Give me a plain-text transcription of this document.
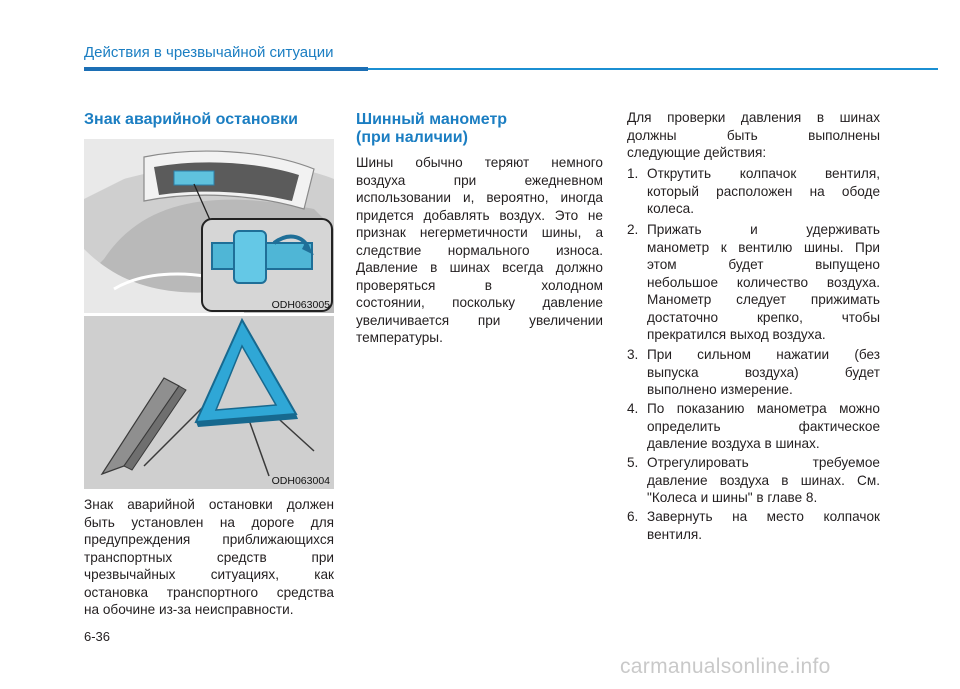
Действия в чрезвычайной ситуации
Знак аварийной остановки
ODH063005
ODH063004
Знак аварийной остановки должен
быть установлен на дороге для
предупреждения приближающихся
транспортных средств при
чрезвычайных ситуациях, как
остановка транспортного средства
на обочине из-за неисправности.
Шинный манометр
(при наличии)
Шины обычно теряют немного
воздуха при ежедневном
использовании и, вероятно, иногда
придется добавлять воздух. Это не
признак негерметичности шины, а
следствие нормального износа.
Давление в шинах всегда должно
проверяться в холодном
состоянии, поскольку давление
увеличивается при увеличении
температуры.
Для проверки давления в шинах
должны быть выполнены
следующие действия:
1. Открутить колпачок вентиля,
который расположен на ободе
колеса.
2. Прижать и удерживать
манометр к вентилю шины. При
этом будет выпущено
небольшое количество воздуха.
Манометр следует прижимать
достаточно крепко, чтобы
прекратился выход воздуха.
3. При сильном нажатии (без
выпуска воздуха) будет
выполнено измерение.
4. По показанию манометра можно
определить фактическое
давление воздуха в шинах.
5. Отрегулировать требуемое
давление воздуха в шинах. См.
"Колеса и шины" в главе 8.
6. Завернуть на место колпачок
вентиля.
6-36
carmanualsonline.info
